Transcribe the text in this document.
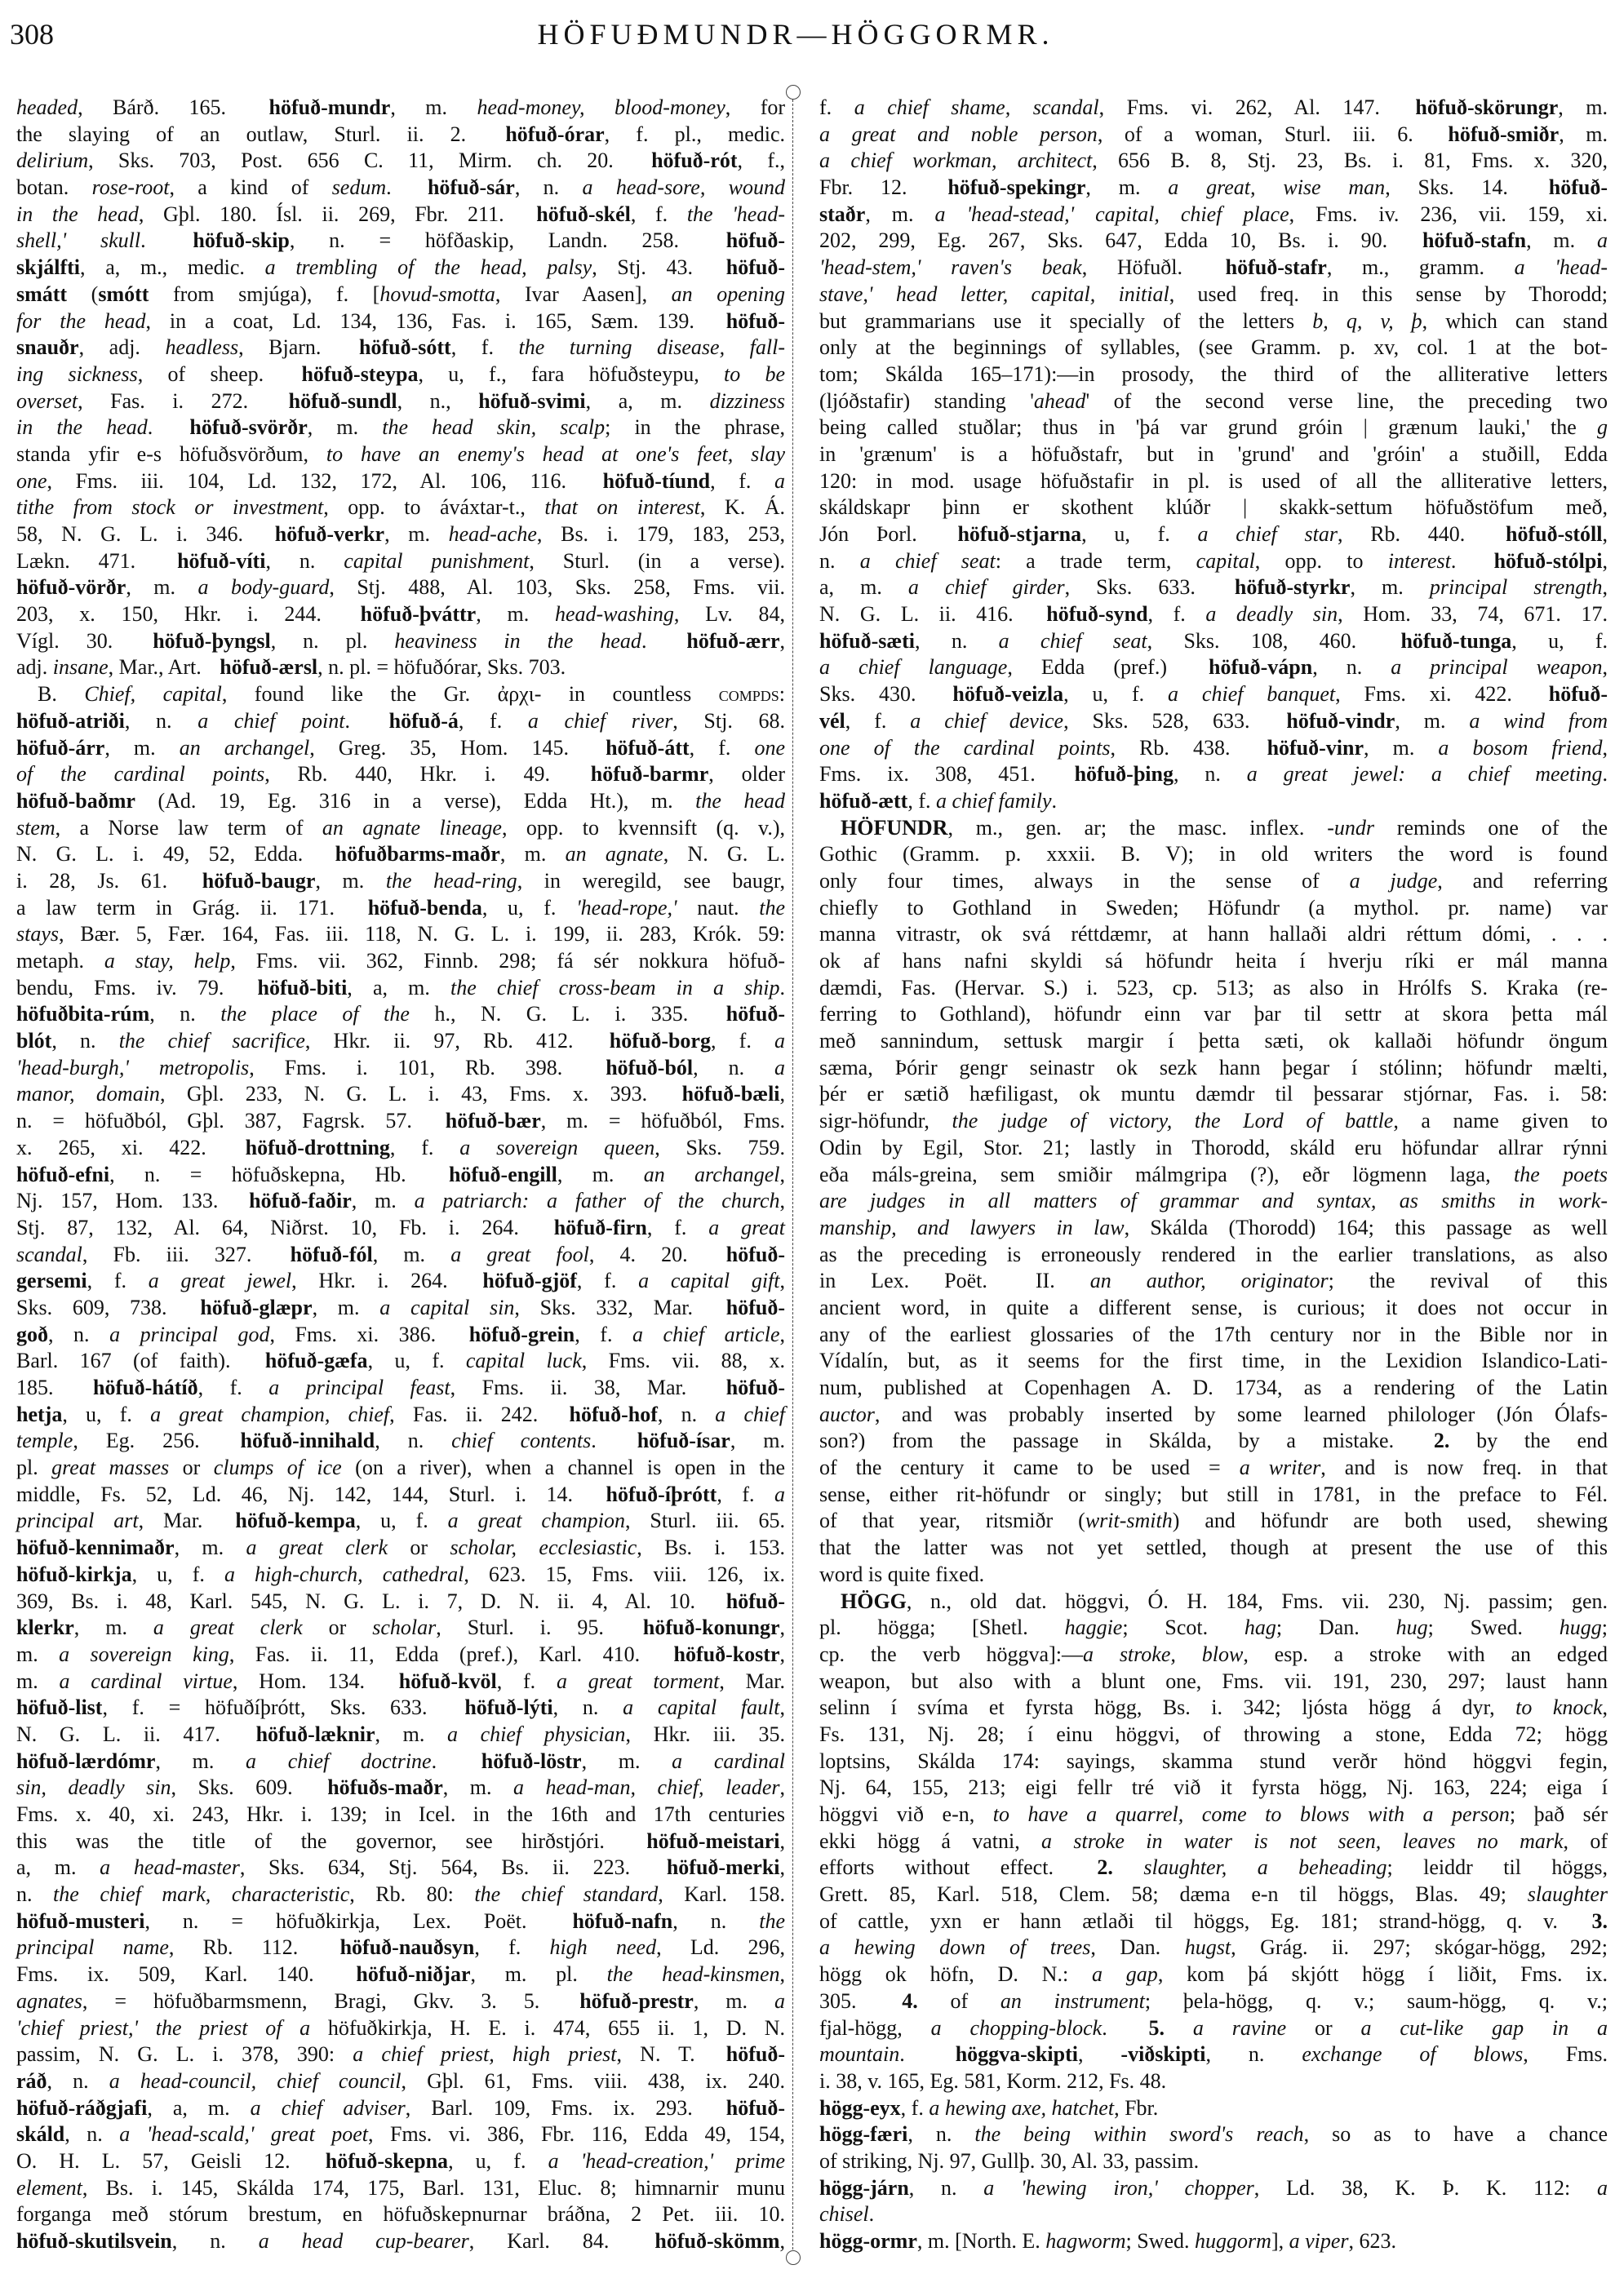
308	HÖFUÐMUNDR—HÖGGORMR.
headed, Bárð. 165. höfuð-mundr, m. head-money, blood-money, for
the slaying of an outlaw, Sturl. ii. 2. höfuð-órar, f. pl., medic.
delirium, Sks. 703, Post. 656 C. 11, Mirm. ch. 20. höfuð-rót, f.,
botan. rose-root, a kind of sedum. höfuð-sár, n. a head-sore, wound
in the head, Gþl. 180. Ísl. ii. 269, Fbr. 211. höfuð-skél, f. the 'head-
shell,' skull. höfuð-skip, n. = höfðaskip, Landn. 258. höfuð-
skjálfti, a, m., medic. a trembling of the head, palsy, Stj. 43. höfuð-
smátt (smótt from smjúga), f. [hovud-smotta, Ivar Aasen], an opening
for the head, in a coat, Ld. 134, 136, Fas. i. 165, Sæm. 139. höfuð-
snauðr, adj. headless, Bjarn. höfuð-sótt, f. the turning disease, fall-
ing sickness, of sheep. höfuð-steypa, u, f., fara höfuðsteypu, to be
overset, Fas. i. 272. höfuð-sundl, n., höfuð-svimi, a, m. dizziness
in the head. höfuð-svörðr, m. the head skin, scalp; in the phrase,
standa yfir e-s höfuðsvörðum, to have an enemy's head at one's feet, slay
one, Fms. iii. 104, Ld. 132, 172, Al. 106, 116. höfuð-tíund, f. a
tithe from stock or investment, opp. to áváxtar-t., that on interest, K. Á.
58, N. G. L. i. 346. höfuð-verkr, m. head-ache, Bs. i. 179, 183, 253,
Lækn. 471. höfuð-víti, n. capital punishment, Sturl. (in a verse).
höfuð-vörðr, m. a body-guard, Stj. 488, Al. 103, Sks. 258, Fms. vii.
203, x. 150, Hkr. i. 244. höfuð-þváttr, m. head-washing, Lv. 84,
Vígl. 30. höfuð-þyngsl, n. pl. heaviness in the head. höfuð-ærr,
adj. insane, Mar., Art. höfuð-ærsl, n. pl. = höfuðórar, Sks. 703.
B. Chief, capital, found like the Gr. ἀρχι- in countless compds:
höfuð-atriði, n. a chief point. höfuð-á, f. a chief river, Stj. 68.
höfuð-árr, m. an archangel, Greg. 35, Hom. 145. höfuð-átt, f. one
of the cardinal points, Rb. 440, Hkr. i. 49. höfuð-barmr, older
höfuð-baðmr (Ad. 19, Eg. 316 in a verse), Edda Ht.), m. the head
stem, a Norse law term of an agnate lineage, opp. to kvennsift (q. v.),
N. G. L. i. 49, 52, Edda. höfuðbarms-maðr, m. an agnate, N. G. L.
i. 28, Js. 61. höfuð-baugr, m. the head-ring, in weregild, see baugr,
a law term in Grág. ii. 171. höfuð-benda, u, f. 'head-rope,' naut. the
stays, Bær. 5, Fær. 164, Fas. iii. 118, N. G. L. i. 199, ii. 283, Krók. 59:
metaph. a stay, help, Fms. vii. 362, Finnb. 298; fá sér nokkura höfuð-
bendu, Fms. iv. 79. höfuð-biti, a, m. the chief cross-beam in a ship.
höfuðbita-rúm, n. the place of the h., N. G. L. i. 335. höfuð-
blót, n. the chief sacrifice, Hkr. ii. 97, Rb. 412. höfuð-borg, f. a
'head-burgh,' metropolis, Fms. i. 101, Rb. 398. höfuð-ból, n. a
manor, domain, Gþl. 233, N. G. L. i. 43, Fms. x. 393. höfuð-bæli,
n. = höfuðból, Gþl. 387, Fagrsk. 57. höfuð-bær, m. = höfuðból, Fms.
x. 265, xi. 422. höfuð-drottning, f. a sovereign queen, Sks. 759.
höfuð-efni, n. = höfuðskepna, Hb. höfuð-engill, m. an archangel,
Nj. 157, Hom. 133. höfuð-faðir, m. a patriarch: a father of the church,
Stj. 87, 132, Al. 64, Niðrst. 10, Fb. i. 264. höfuð-firn, f. a great
scandal, Fb. iii. 327. höfuð-fól, m. a great fool, 4. 20. höfuð-
gersemi, f. a great jewel, Hkr. i. 264. höfuð-gjöf, f. a capital gift,
Sks. 609, 738. höfuð-glæpr, m. a capital sin, Sks. 332, Mar. höfuð-
goð, n. a principal god, Fms. xi. 386. höfuð-grein, f. a chief article,
Barl. 167 (of faith). höfuð-gæfa, u, f. capital luck, Fms. vii. 88, x.
185. höfuð-hátíð, f. a principal feast, Fms. ii. 38, Mar. höfuð-
hetja, u, f. a great champion, chief, Fas. ii. 242. höfuð-hof, n. a chief
temple, Eg. 256. höfuð-innihald, n. chief contents. höfuð-ísar, m.
pl. great masses or clumps of ice (on a river), when a channel is open in the
middle, Fs. 52, Ld. 46, Nj. 142, 144, Sturl. i. 14. höfuð-íþrótt, f. a
principal art, Mar. höfuð-kempa, u, f. a great champion, Sturl. iii. 65.
höfuð-kennimaðr, m. a great clerk or scholar, ecclesiastic, Bs. i. 153.
höfuð-kirkja, u, f. a high-church, cathedral, 623. 15, Fms. viii. 126, ix.
369, Bs. i. 48, Karl. 545, N. G. L. i. 7, D. N. ii. 4, Al. 10. höfuð-
klerkr, m. a great clerk or scholar, Sturl. i. 95. höfuð-konungr,
m. a sovereign king, Fas. ii. 11, Edda (pref.), Karl. 410. höfuð-kostr,
m. a cardinal virtue, Hom. 134. höfuð-kvöl, f. a great torment, Mar.
höfuð-list, f. = höfuðíþrótt, Sks. 633. höfuð-lýti, n. a capital fault,
N. G. L. ii. 417. höfuð-læknir, m. a chief physician, Hkr. iii. 35.
höfuð-lærdómr, m. a chief doctrine. höfuð-löstr, m. a cardinal
sin, deadly sin, Sks. 609. höfuðs-maðr, m. a head-man, chief, leader,
Fms. x. 40, xi. 243, Hkr. i. 139; in Icel. in the 16th and 17th centuries
this was the title of the governor, see hirðstjóri. höfuð-meistari,
a, m. a head-master, Sks. 634, Stj. 564, Bs. ii. 223. höfuð-merki,
n. the chief mark, characteristic, Rb. 80: the chief standard, Karl. 158.
höfuð-musteri, n. = höfuðkirkja, Lex. Poët. höfuð-nafn, n. the
principal name, Rb. 112. höfuð-nauðsyn, f. high need, Ld. 296,
Fms. ix. 509, Karl. 140. höfuð-niðjar, m. pl. the head-kinsmen,
agnates, = höfuðbarmsmenn, Bragi, Gkv. 3. 5. höfuð-prestr, m. a
'chief priest,' the priest of a höfuðkirkja, H. E. i. 474, 655 ii. 1, D. N.
passim, N. G. L. i. 378, 390: a chief priest, high priest, N. T. höfuð-
ráð, n. a head-council, chief council, Gþl. 61, Fms. viii. 438, ix. 240.
höfuð-ráðgjafi, a, m. a chief adviser, Barl. 109, Fms. ix. 293. höfuð-
skáld, n. a 'head-scald,' great poet, Fms. vi. 386, Fbr. 116, Edda 49, 154,
O. H. L. 57, Geisli 12. höfuð-skepna, u, f. a 'head-creation,' prime
element, Bs. i. 145, Skálda 174, 175, Barl. 131, Eluc. 8; himnarnir munu
forganga með stórum brestum, en höfuðskepnurnar bráðna, 2 Pet. iii. 10.
höfuð-skutilsvein, n. a head cup-bearer, Karl. 84. höfuð-skömm,
f. a chief shame, scandal, Fms. vi. 262, Al. 147. höfuð-skörungr, m.
a great and noble person, of a woman, Sturl. iii. 6. höfuð-smiðr, m.
a chief workman, architect, 656 B. 8, Stj. 23, Bs. i. 81, Fms. x. 320,
Fbr. 12. höfuð-spekingr, m. a great, wise man, Sks. 14. höfuð-
staðr, m. a 'head-stead,' capital, chief place, Fms. iv. 236, vii. 159, xi.
202, 299, Eg. 267, Sks. 647, Edda 10, Bs. i. 90. höfuð-stafn, m. a
'head-stem,' raven's beak, Höfuðl. höfuð-stafr, m., gramm. a 'head-
stave,' head letter, capital, initial, used freq. in this sense by Thorodd;
but grammarians use it specially of the letters b, q, v, þ, which can stand
only at the beginnings of syllables, (see Gramm. p. xv, col. 1 at the bot-
tom; Skálda 165–171):—in prosody, the third of the alliterative letters
(ljóðstafir) standing 'ahead' of the second verse line, the preceding two
being called stuðlar; thus in 'þá var grund gróin | grænum lauki,' the g
in 'grænum' is a höfuðstafr, but in 'grund' and 'gróin' a stuðill, Edda
120: in mod. usage höfuðstafir in pl. is used of all the alliterative letters,
skáldskapr þinn er skothent klúðr | skakk-settum höfuðstöfum með,
Jón Þorl. höfuð-stjarna, u, f. a chief star, Rb. 440. höfuð-stóll,
n. a chief seat: a trade term, capital, opp. to interest. höfuð-stólpi,
a, m. a chief girder, Sks. 633. höfuð-styrkr, m. principal strength,
N. G. L. ii. 416. höfuð-synd, f. a deadly sin, Hom. 33, 74, 671. 17.
höfuð-sæti, n. a chief seat, Sks. 108, 460. höfuð-tunga, u, f.
a chief language, Edda (pref.) höfuð-vápn, n. a principal weapon,
Sks. 430. höfuð-veizla, u, f. a chief banquet, Fms. xi. 422. höfuð-
vél, f. a chief device, Sks. 528, 633. höfuð-vindr, m. a wind from
one of the cardinal points, Rb. 438. höfuð-vinr, m. a bosom friend,
Fms. ix. 308, 451. höfuð-þing, n. a great jewel: a chief meeting.
höfuð-ætt, f. a chief family.
HÖFUNDR, m., gen. ar; the masc. inflex. -undr reminds one of the
Gothic (Gramm. p. xxxii. B. V); in old writers the word is found
only four times, always in the sense of a judge, and referring
chiefly to Gothland in Sweden; Höfundr (a mythol. pr. name) var
manna vitrastr, ok svá réttdæmr, at hann hallaði aldri réttum dómi, . . .
ok af hans nafni skyldi sá höfundr heita í hverju ríki er mál manna
dæmdi, Fas. (Hervar. S.) i. 523, cp. 513; as also in Hrólfs S. Kraka (re-
ferring to Gothland), höfundr einn var þar til settr at skora þetta mál
með sannindum, settusk margir í þetta sæti, ok kallaði höfundr öngum
sæma, Þórir gengr seinastr ok sezk hann þegar í stólinn; höfundr mælti,
þér er sætið hæfiligast, ok muntu dæmdr til þessarar stjórnar, Fas. i. 58:
sigr-höfundr, the judge of victory, the Lord of battle, a name given to
Odin by Egil, Stor. 21; lastly in Thorodd, skáld eru höfundar allrar rýnni
eða máls-greina, sem smiðir málmgripa (?), eðr lögmenn laga, the poets
are judges in all matters of grammar and syntax, as smiths in work-
manship, and lawyers in law, Skálda (Thorodd) 164; this passage as well
as the preceding is erroneously rendered in the earlier translations, as also
in Lex. Poët. II. an author, originator; the revival of this
ancient word, in quite a different sense, is curious; it does not occur in
any of the earliest glossaries of the 17th century nor in the Bible nor in
Vídalín, but, as it seems for the first time, in the Lexidion Islandico-Lati-
num, published at Copenhagen A. D. 1734, as a rendering of the Latin
auctor, and was probably inserted by some learned philologer (Jón Ólafs-
son?) from the passage in Skálda, by a mistake. 2. by the end
of the century it came to be used = a writer, and is now freq. in that
sense, either rit-höfundr or singly; but still in 1781, in the preface to Fél.
of that year, ritsmiðr (writ-smith) and höfundr are both used, shewing
that the latter was not yet settled, though at present the use of this
word is quite fixed.
HÖGG, n., old dat. höggvi, Ó. H. 184, Fms. vii. 230, Nj. passim; gen.
pl. högga; [Shetl. haggie; Scot. hag; Dan. hug; Swed. hugg;
cp. the verb höggva]:—a stroke, blow, esp. a stroke with an edged
weapon, but also with a blunt one, Fms. vii. 191, 230, 297; laust hann
selinn í svíma et fyrsta högg, Bs. i. 342; ljósta högg á dyr, to knock,
Fs. 131, Nj. 28; í einu höggvi, of throwing a stone, Edda 72; högg
loptsins, Skálda 174: sayings, skamma stund verðr hönd höggvi fegin,
Nj. 64, 155, 213; eigi fellr tré við it fyrsta högg, Nj. 163, 224; eiga í
höggvi við e-n, to have a quarrel, come to blows with a person; það sér
ekki högg á vatni, a stroke in water is not seen, leaves no mark, of
efforts without effect. 2. slaughter, a beheading; leiddr til höggs,
Grett. 85, Karl. 518, Clem. 58; dæma e-n til höggs, Blas. 49; slaughter
of cattle, yxn er hann ætlaði til höggs, Eg. 181; strand-högg, q. v. 3.
a hewing down of trees, Dan. hugst, Grág. ii. 297; skógar-högg, 292;
högg ok höfn, D. N.: a gap, kom þá skjótt högg í liðit, Fms. ix.
305. 4. of an instrument; þela-högg, q. v.; saum-högg, q. v.;
fjal-högg, a chopping-block. 5. a ravine or a cut-like gap in a
mountain. höggva-skipti, -viðskipti, n. exchange of blows, Fms.
i. 38, v. 165, Eg. 581, Korm. 212, Fs. 48.
högg-eyx, f. a hewing axe, hatchet, Fbr.
högg-færi, n. the being within sword's reach, so as to have a chance
of striking, Nj. 97, Gullþ. 30, Al. 33, passim.
högg-járn, n. a 'hewing iron,' chopper, Ld. 38, K. Þ. K. 112: a
chisel.
högg-ormr, m. [North. E. hagworm; Swed. huggorm], a viper, 623.
